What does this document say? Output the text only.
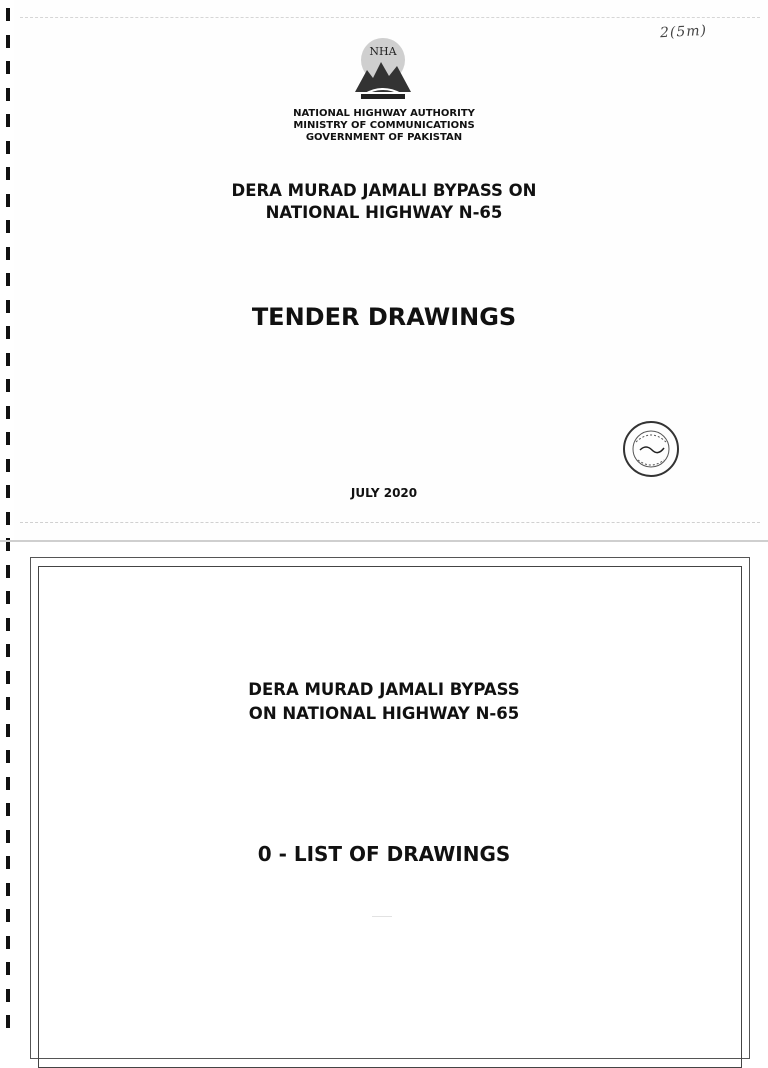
2(5m)
NHA
NATIONAL HIGHWAY AUTHORITY
MINISTRY OF COMMUNICATIONS
GOVERNMENT OF PAKISTAN
DERA MURAD JAMALI BYPASS ON
NATIONAL HIGHWAY N-65
TENDER DRAWINGS
JULY 2020
DERA MURAD JAMALI BYPASS
ON NATIONAL HIGHWAY N-65
0 - LIST OF DRAWINGS
